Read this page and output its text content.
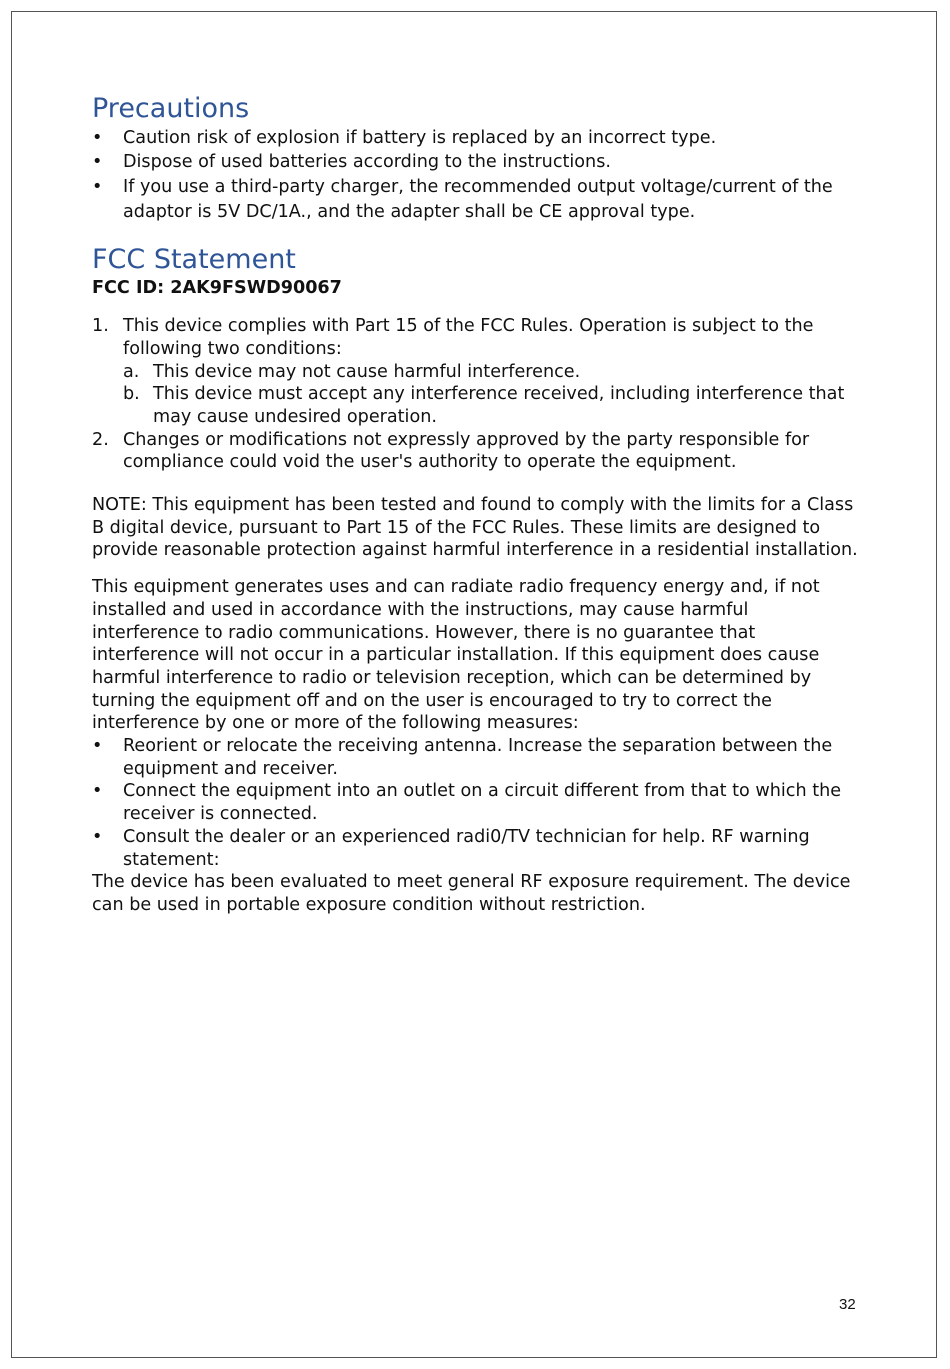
Precautions
• Caution risk of explosion if battery is replaced by an incorrect type.
• Dispose of used batteries according to the instructions.
• If you use a third-party charger, the recommended output voltage/current of the adaptor is 5V DC/1A., and the adapter shall be CE approval type.
FCC Statement

FCC ID: 2AK9FSWD90067

1. This device complies with Part 15 of the FCC Rules. Operation is subject to the following two conditions:
a. This device may not cause harmful interference.
b. This device must accept any interference received, including interference that may cause undesired operation.
2. Changes or modifications not expressly approved by the party responsible for compliance could void the user's authority to operate the equipment.

NOTE: This equipment has been tested and found to comply with the limits for a Class B digital device, pursuant to Part 15 of the FCC Rules. These limits are designed to provide reasonable protection against harmful interference in a residential installation.

This equipment generates uses and can radiate radio frequency energy and, if not installed and used in accordance with the instructions, may cause harmful interference to radio communications. However, there is no guarantee that interference will not occur in a particular installation. If this equipment does cause harmful interference to radio or television reception, which can be determined by turning the equipment off and on the user is encouraged to try to correct the interference by one or more of the following measures:

• Reorient or relocate the receiving antenna. Increase the separation between the equipment and receiver.
• Connect the equipment into an outlet on a circuit different from that to which the receiver is connected.
• Consult the dealer or an experienced radi0/TV technician for help. RF warning statement:

The device has been evaluated to meet general RF exposure requirement. The device can be used in portable exposure condition without restriction.

32
